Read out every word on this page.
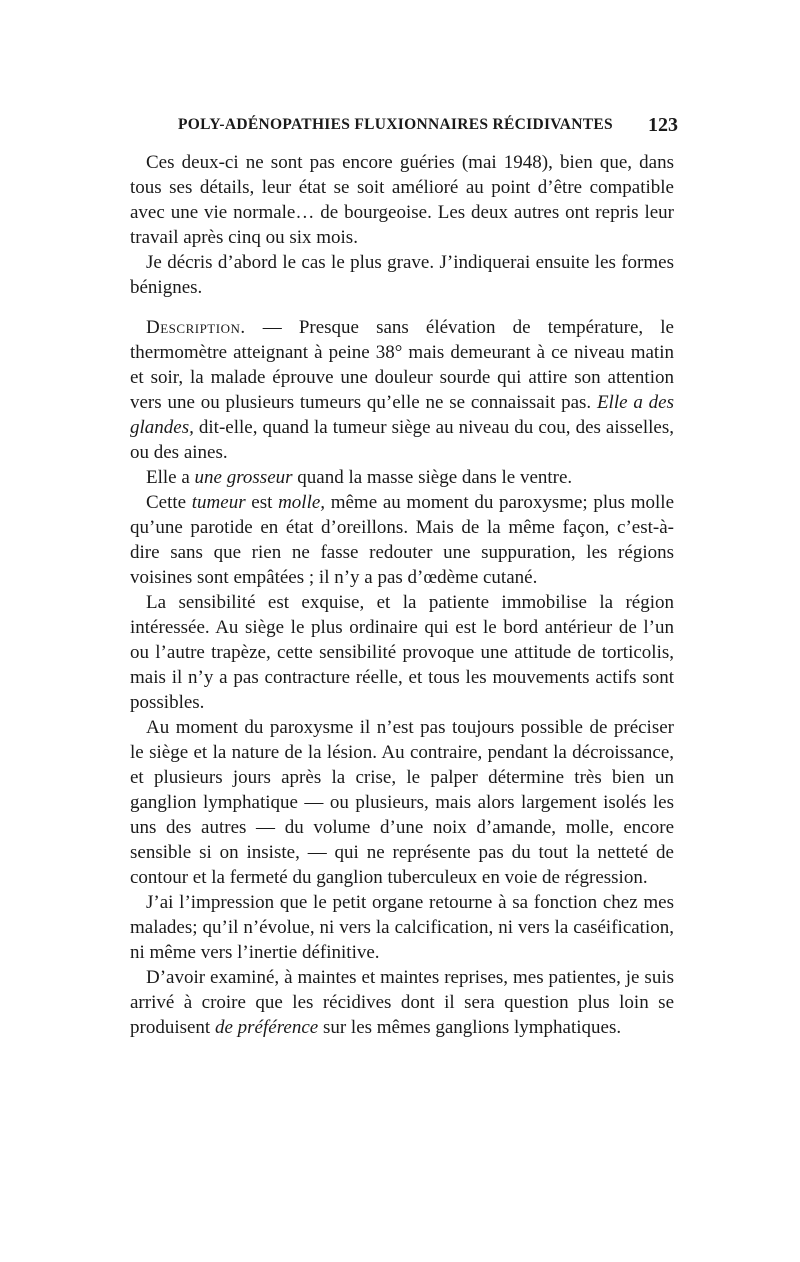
POLY-ADÉNOPATHIES FLUXIONNAIRES RÉCIDIVANTES 123

Ces deux-ci ne sont pas encore guéries (mai 1948), bien que, dans tous ses détails, leur état se soit amélioré au point d’être compatible avec une vie normale… de bourgeoise. Les deux autres ont repris leur travail après cinq ou six mois.

Je décris d’abord le cas le plus grave. J’indiquerai ensuite les formes bénignes.

Description. — Presque sans élévation de température, le thermomètre atteignant à peine 38° mais demeurant à ce niveau matin et soir, la malade éprouve une douleur sourde qui attire son attention vers une ou plusieurs tumeurs qu’elle ne se connaissait pas. Elle a des glandes, dit-elle, quand la tumeur siège au niveau du cou, des aisselles, ou des aines.

Elle a une grosseur quand la masse siège dans le ventre.

Cette tumeur est molle, même au moment du paroxysme; plus molle qu’une parotide en état d’oreillons. Mais de la même façon, c’est-à-dire sans que rien ne fasse redouter une suppuration, les régions voisines sont empâtées ; il n’y a pas d’œdème cutané.

La sensibilité est exquise, et la patiente immobilise la région intéressée. Au siège le plus ordinaire qui est le bord antérieur de l’un ou l’autre trapèze, cette sensibilité provoque une attitude de torticolis, mais il n’y a pas contracture réelle, et tous les mouvements actifs sont possibles.

Au moment du paroxysme il n’est pas toujours possible de préciser le siège et la nature de la lésion. Au contraire, pendant la décroissance, et plusieurs jours après la crise, le palper détermine très bien un ganglion lymphatique — ou plusieurs, mais alors largement isolés les uns des autres — du volume d’une noix d’amande, molle, encore sensible si on insiste, — qui ne représente pas du tout la netteté de contour et la fermeté du ganglion tuberculeux en voie de régression.

J’ai l’impression que le petit organe retourne à sa fonction chez mes malades; qu’il n’évolue, ni vers la calcification, ni vers la caséification, ni même vers l’inertie définitive.

D’avoir examiné, à maintes et maintes reprises, mes patientes, je suis arrivé à croire que les récidives dont il sera question plus loin se produisent de préférence sur les mêmes ganglions lymphatiques.
